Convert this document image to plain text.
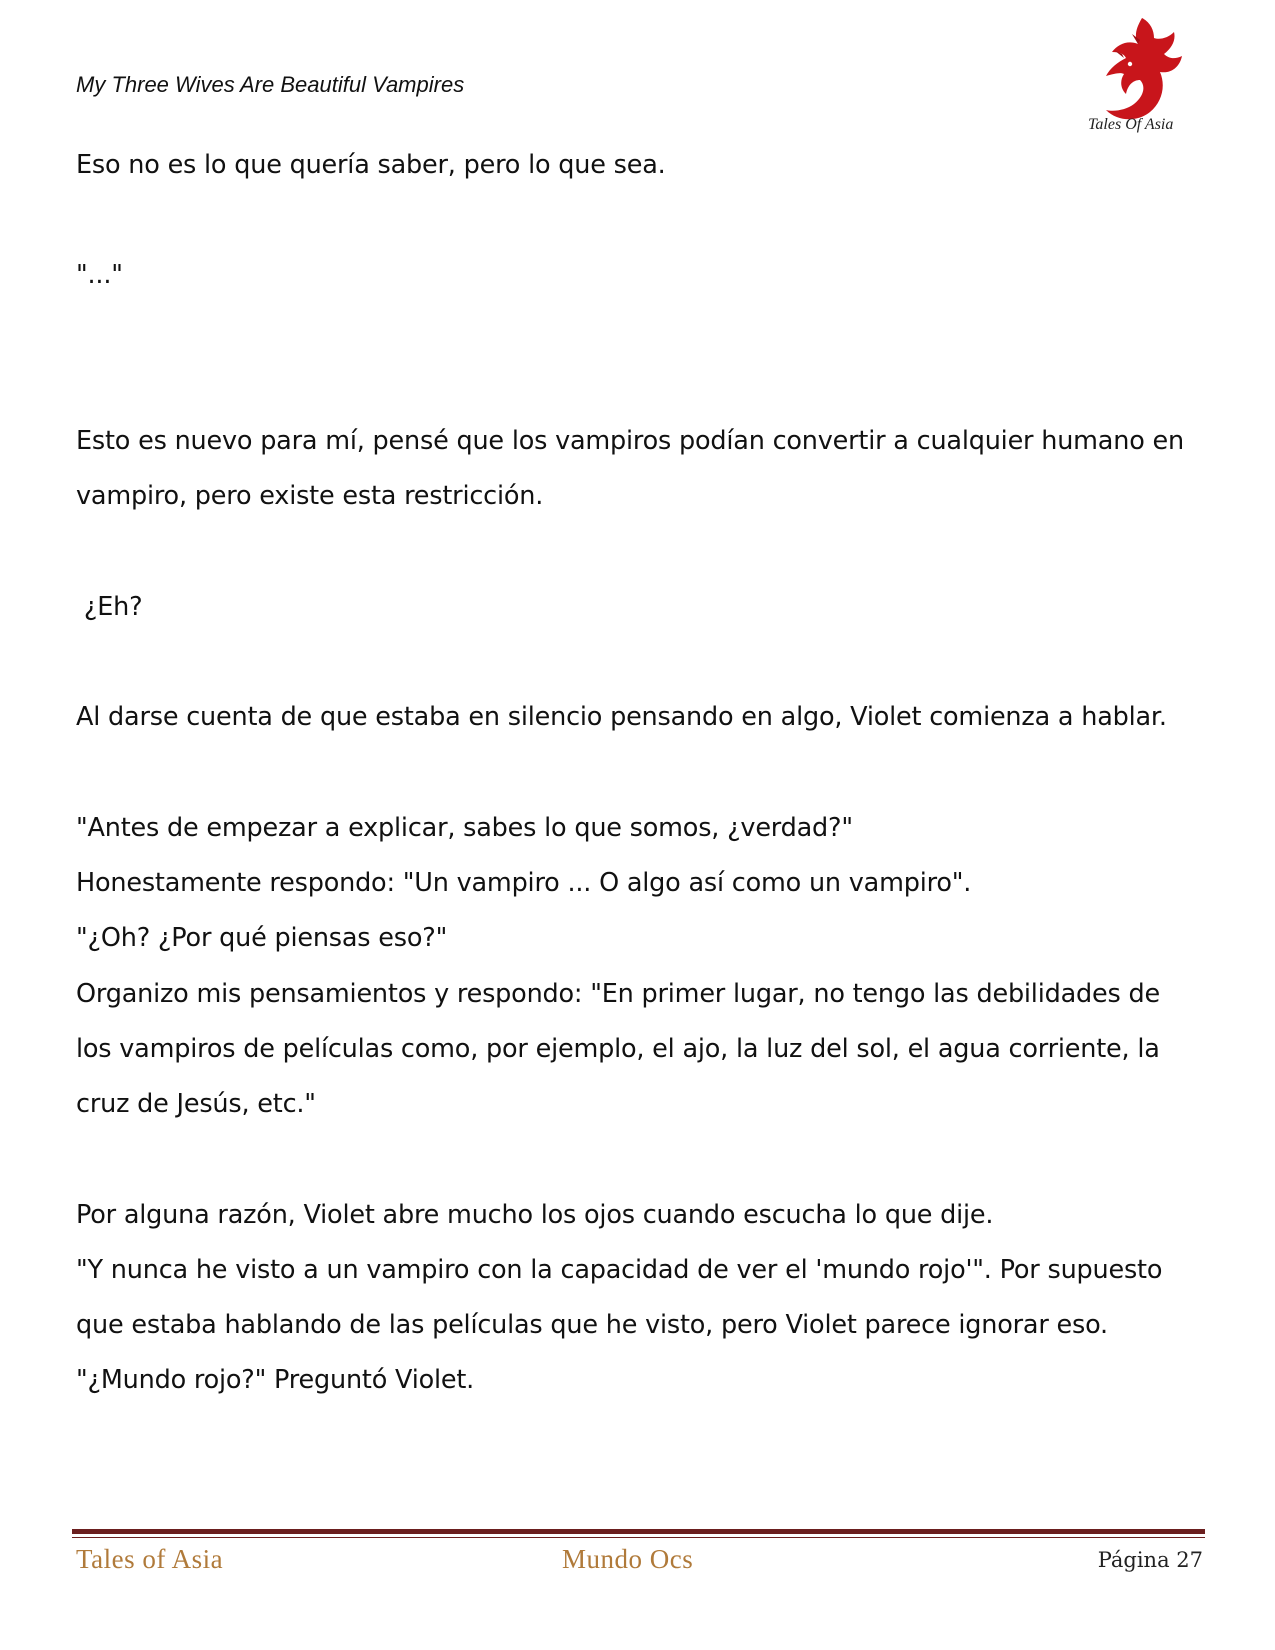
My Three Wives Are Beautiful Vampires
Tales Of Asia
Eso no es lo que quería saber, pero lo que sea.
"..."
Esto es nuevo para mí, pensé que los vampiros podían convertir a cualquier humano en
vampiro, pero existe esta restricción.
¿Eh?
Al darse cuenta de que estaba en silencio pensando en algo, Violet comienza a hablar.
"Antes de empezar a explicar, sabes lo que somos, ¿verdad?"
Honestamente respondo: "Un vampiro ... O algo así como un vampiro".
"¿Oh? ¿Por qué piensas eso?"
Organizo mis pensamientos y respondo: "En primer lugar, no tengo las debilidades de
los vampiros de películas como, por ejemplo, el ajo, la luz del sol, el agua corriente, la
cruz de Jesús, etc."
Por alguna razón, Violet abre mucho los ojos cuando escucha lo que dije.
"Y nunca he visto a un vampiro con la capacidad de ver el 'mundo rojo'". Por supuesto
que estaba hablando de las películas que he visto, pero Violet parece ignorar eso.
"¿Mundo rojo?" Preguntó Violet.
Tales of Asia	Mundo Ocs	Página 27
